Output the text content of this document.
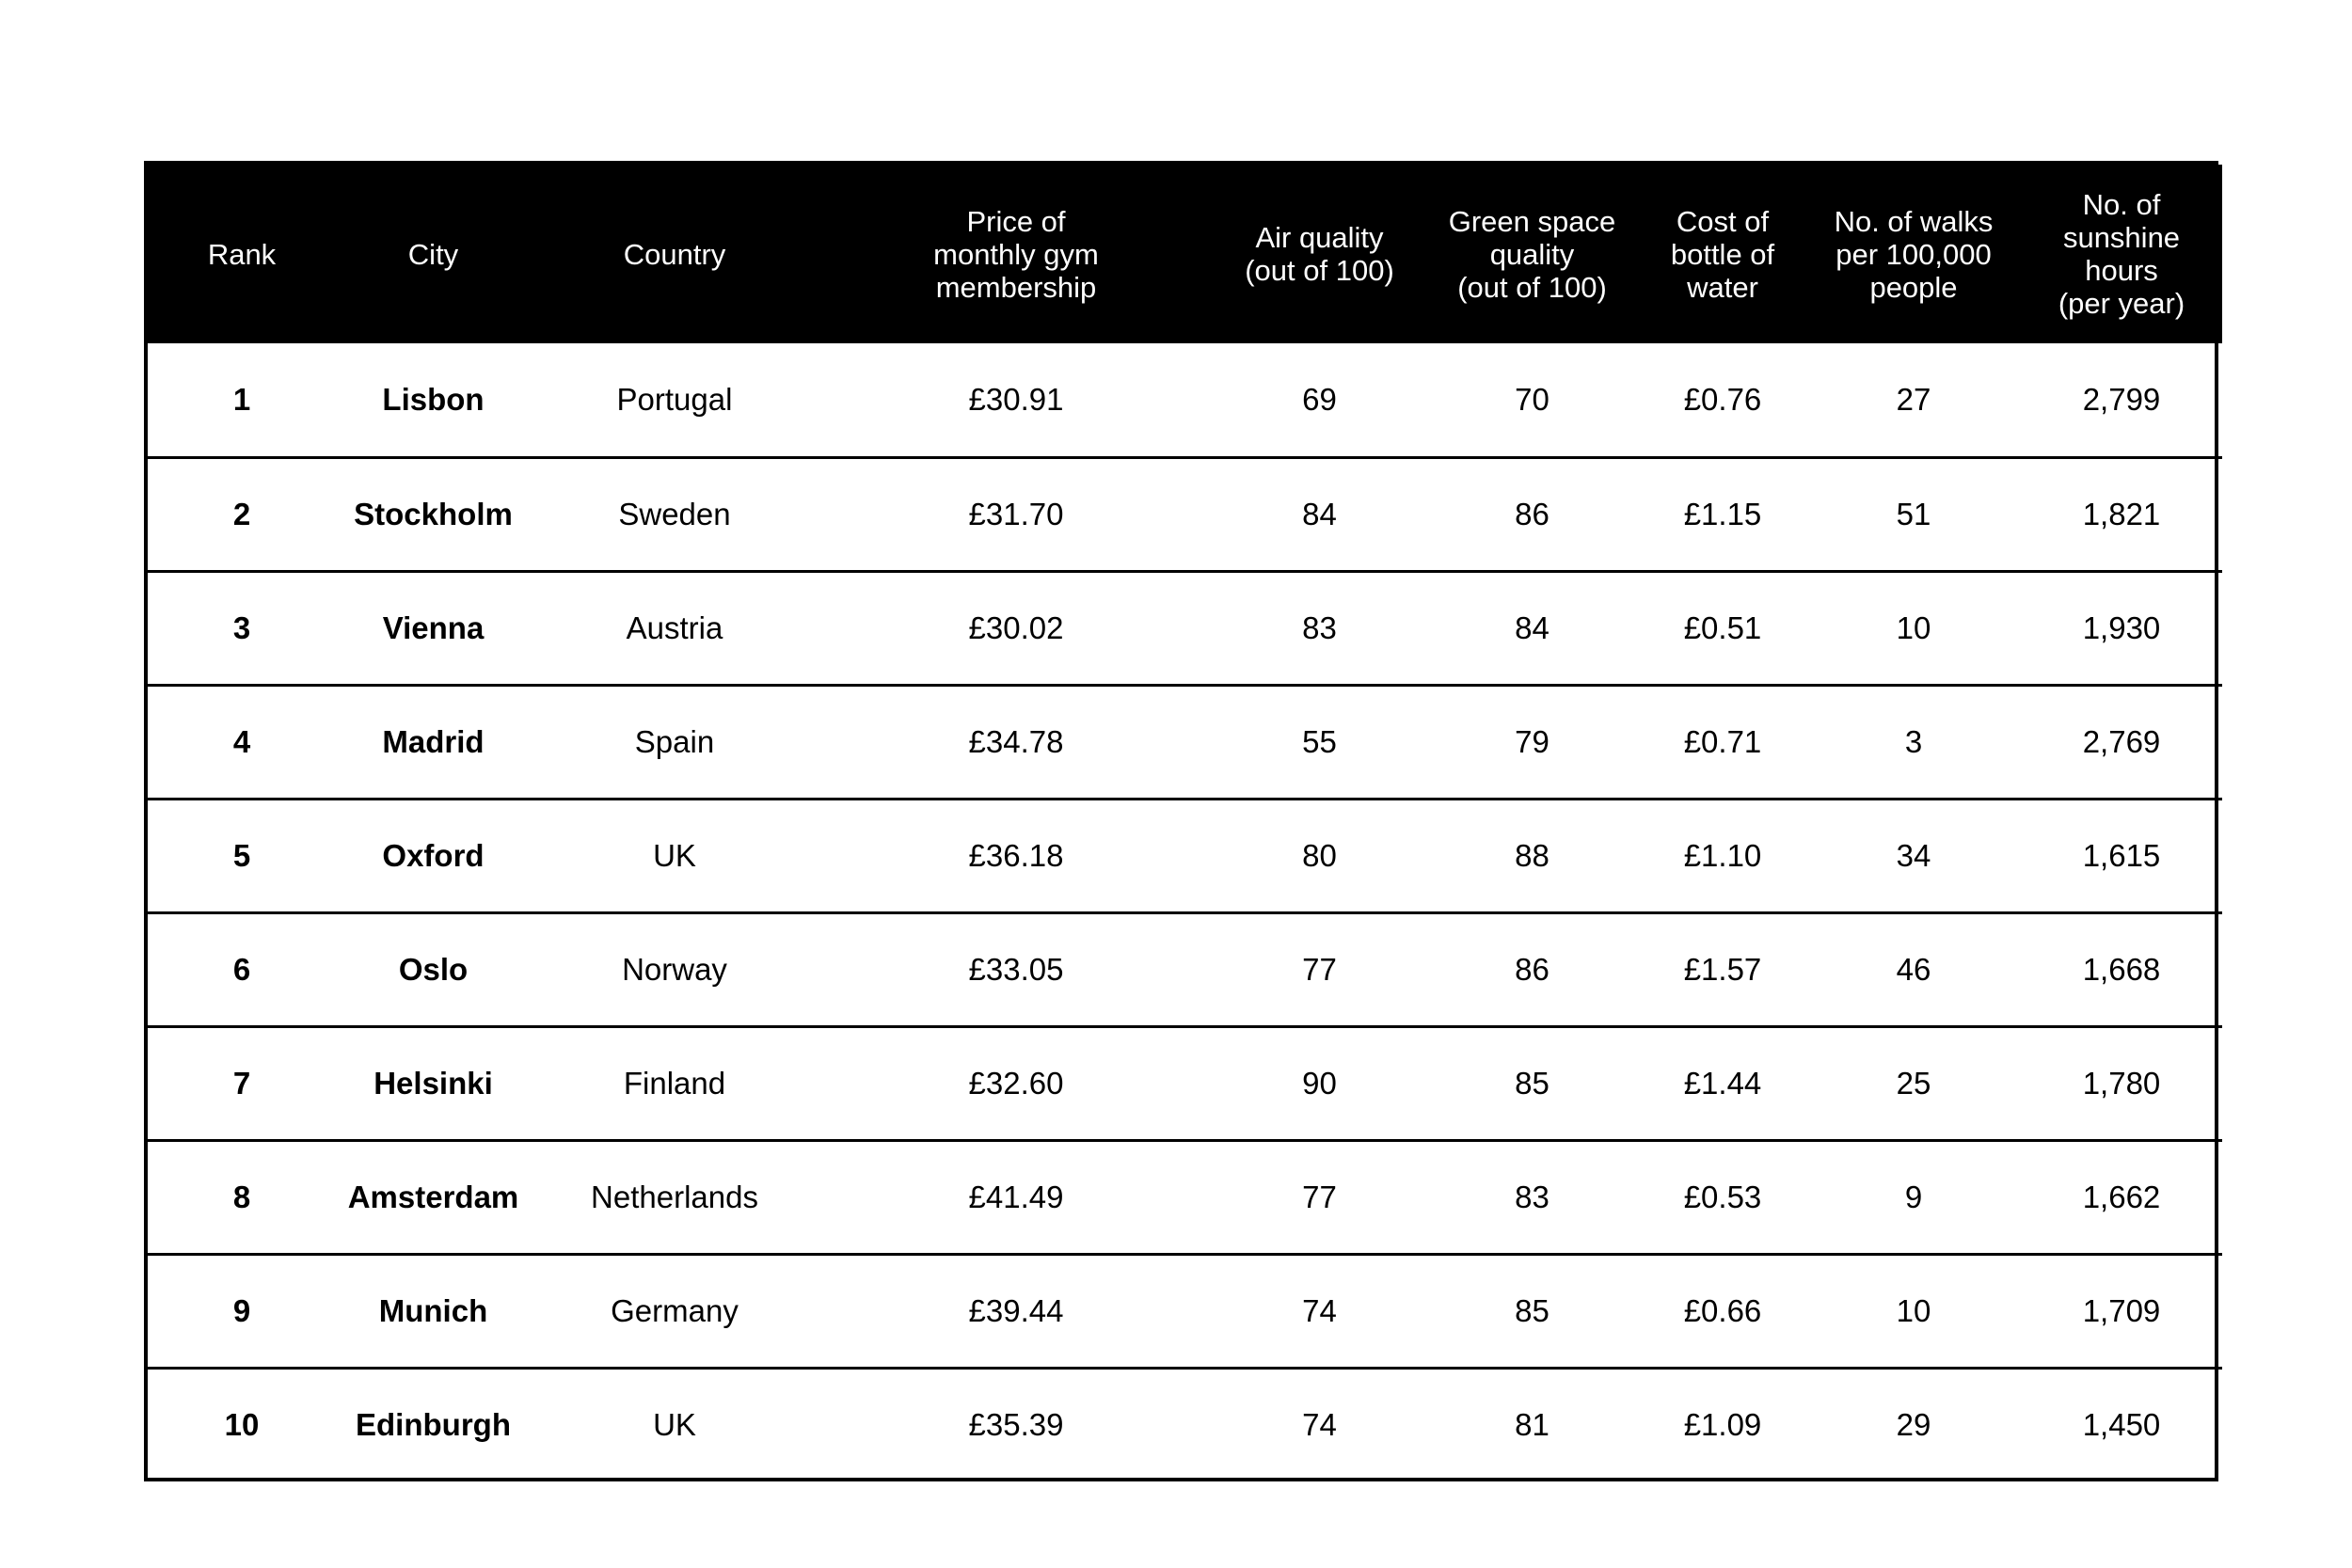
Rank	City	Country	Price of
monthly gym
membership	Air quality
(out of 100)	Green space
quality
(out of 100)	Cost of
bottle of
water	No. of walks
per 100,000
people	No. of
sunshine hours
(per year)
1	Lisbon	Portugal	£30.91	69	70	£0.76	27	2,799
2	Stockholm	Sweden	£31.70	84	86	£1.15	51	1,821
3	Vienna	Austria	£30.02	83	84	£0.51	10	1,930
4	Madrid	Spain	£34.78	55	79	£0.71	3	2,769
5	Oxford	UK	£36.18	80	88	£1.10	34	1,615
6	Oslo	Norway	£33.05	77	86	£1.57	46	1,668
7	Helsinki	Finland	£32.60	90	85	£1.44	25	1,780
8	Amsterdam	Netherlands	£41.49	77	83	£0.53	9	1,662
9	Munich	Germany	£39.44	74	85	£0.66	10	1,709
10	Edinburgh	UK	£35.39	74	81	£1.09	29	1,450
